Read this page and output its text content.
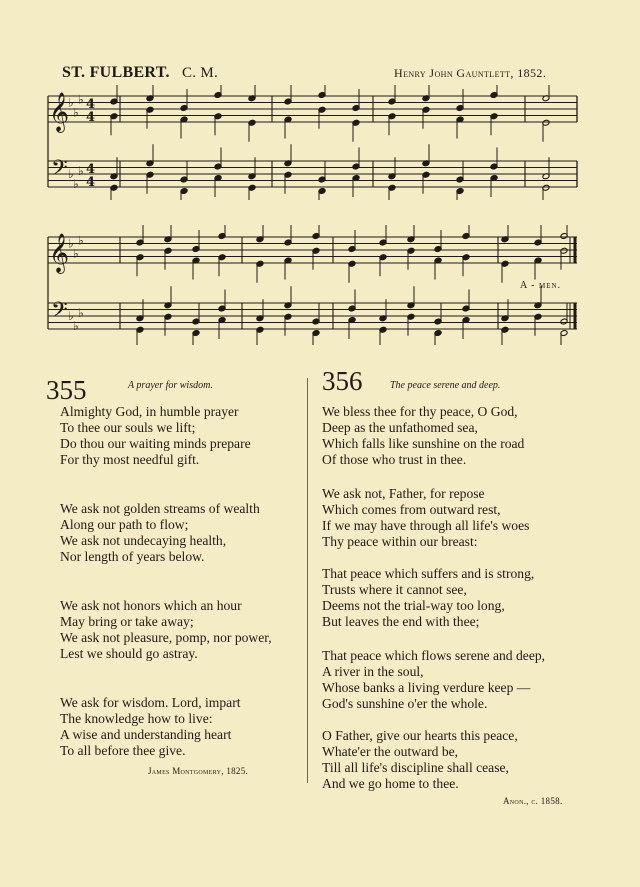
ST. FULBERT. C. M.	Henry John Gauntlett, 1852.
𝄞
𝄢
♭
♭
♭
♭
♭
♭
4
4
4
4
𝄞
𝄢
♭
♭
♭
♭
♭
♭
A - men.
355	A prayer for wisdom.
Almighty God, in humble prayer
To thee our souls we lift;
Do thou our waiting minds prepare
For thy most needful gift.
We ask not golden streams of wealth
Along our path to flow;
We ask not undecaying health,
Nor length of years below.
We ask not honors which an hour
May bring or take away;
We ask not pleasure, pomp, nor power,
Lest we should go astray.
We ask for wisdom. Lord, impart
The knowledge how to live:
A wise and understanding heart
To all before thee give.
James Montgomery, 1825.
356	The peace serene and deep.
We bless thee for thy peace, O God,
Deep as the unfathomed sea,
Which falls like sunshine on the road
Of those who trust in thee.
We ask not, Father, for repose
Which comes from outward rest,
If we may have through all life's woes
Thy peace within our breast:
That peace which suffers and is strong,
Trusts where it cannot see,
Deems not the trial-way too long,
But leaves the end with thee;
That peace which flows serene and deep,
A river in the soul,
Whose banks a living verdure keep —
God's sunshine o'er the whole.
O Father, give our hearts this peace,
Whate'er the outward be,
Till all life's discipline shall cease,
And we go home to thee.
Anon., c. 1858.
